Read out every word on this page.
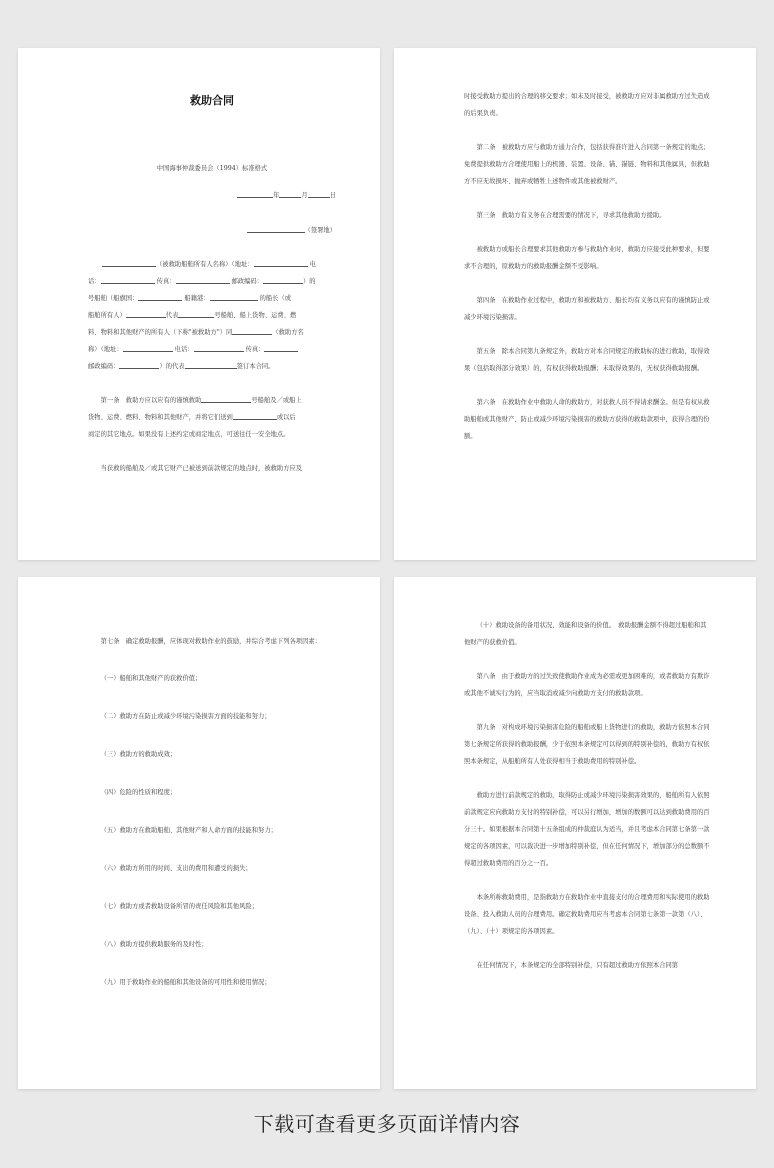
救助合同

中国海事仲裁委员会（1994）标准格式

年	月	日

（签署地）

（被救助船舶所有人名称）（地址：	电

话：	传真：	邮政编码：	）的

号船舶（船旗国：	船籍港：	的船长（或

船舶所有人）	代表	号船舶、船上货物、运费、燃

料、物料和其他财产的所有人（下称"被救助方"）同	（救助方名

称）（地址：	电话：	传真：

邮政编码：	）的代表	签订本合同。

第一条　救助方应以应有的谨慎救助	号船舶及／或船上

货物、运费、燃料、物料和其他财产，并将它们送到	或以后

商定的其它地点。如果没有上述约定或商定地点，可送往任一安全地点。

当获救的船舶及／或其它财产已被送到前款规定的地点时，被救助方应及

时接受救助方提出的合理的移交要求；如未及时接受，被救助方应对非属救助方过失造成的后果负责。

第二条　被救助方应与救助方通力合作，包括获得准许进入合同第一条规定的地点；免费提供救助方合理使用船上的机器、装置、设备、锚、锚链、物料和其他属具，但救助方不应无故损坏、抛弃或牺牲上述物件或其他被救财产。

第三条　救助方有义务在合理需要的情况下，寻求其他救助方援助。

被救助方或船长合理要求其他救助方参与救助作业时，救助方应接受此种要求，但要求不合理的，原救助方的救助报酬金额不受影响。

第四条　在救助作业过程中，救助方和被救助方、船长均有义务以应有的谨慎防止或减少环境污染损害。

第五条　除本合同第九条规定外，救助方对本合同规定的救助标的进行救助，取得效果（包括取得部分效果）的，有权获得救助报酬；未取得效果的，无权获得救助报酬。

第六条　在救助作业中救助人命的救助方，对获救人员不得请求酬金。但是有权从救助船舶或其他财产、防止或减少环境污染损害的救助方获得的救助款项中，获得合理的份额。

第七条　确定救助报酬，应体现对救助作业的鼓励，并综合考虑下列各项因素：

（一）船舶和其他财产的获救价值；

（二）救助方在防止或减少环境污染损害方面的技能和努力；

（三）救助方的救助成效；

（四）危险的性质和程度；

（五）救助方在救助船舶、其他财产和人命方面的技能和努力；

（六）救助方所用的时间、支出的费用和遭受的损失；

（七）救助方或者救助设备所冒的责任风险和其他风险；

（八）救助方提供救助服务的及时性；

（九）用于救助作业的船舶和其他设备的可用性和使用情况；

（十）救助设备的备用状况、效能和设备的价值。　救助报酬金额不得超过船舶和其他财产的获救价值。

第八条　由于救助方的过失致使救助作业成为必需或更加困难的，或者救助方有欺诈或其他不诚实行为的，应当取消或减少向救助方支付的救助款项。

第九条　对构成环境污染损害危险的船舶或船上货物进行的救助，救助方依照本合同第七条规定所获得的救助报酬，少于依照本条规定可以得到的特别补偿的，救助方有权依照本条规定，从船舶所有人处获得相当于救助费用的特别补偿。

救助方进行前款规定的救助，取得防止或减少环境污染损害效果的，船舶所有人依照前款规定应向救助方支付的特别补偿，可以另行增加，增加的数额可以达到救助费用的百分三十。如果根据本合同第十五条组成的仲裁庭认为适当，并且考虑本合同第七条第一款规定的各项因素，可以裁决进一步增加特别补偿，但在任何情况下，增加部分的总数额不得超过救助费用的百分之一百。

本条所称救助费用，是指救助方在救助作业中直接支付的合理费用和实际使用的救助设备、投入救助人员的合理费用。确定救助费用应当考虑本合同第七条第一款第（八）、（九）、（十）项规定的各项因素。

在任何情况下，本条规定的全部特别补偿，只有超过救助方依照本合同第

下载可查看更多页面详情内容
